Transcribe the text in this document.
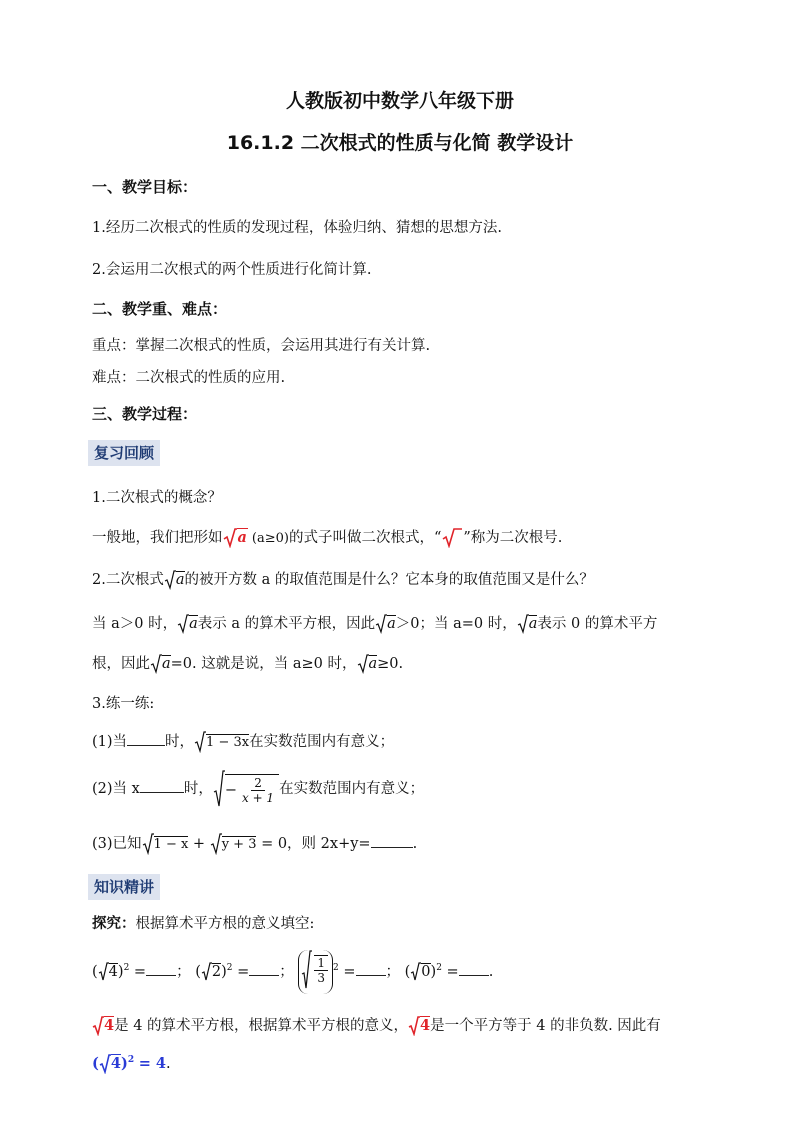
人教版初中数学八年级下册
16.1.2 二次根式的性质与化简 教学设计
一、教学目标：
1.经历二次根式的性质的发现过程，体验归纳、猜想的思想方法.
2.会运用二次根式的两个性质进行化简计算.
二、教学重、难点：
重点：掌握二次根式的性质，会运用其进行有关计算.
难点：二次根式的性质的应用.
三、教学过程：
复习回顾
1.二次根式的概念？
一般地，我们把形如 a (a≥0)的式子叫做二次根式，“ ”称为二次根号.
2.二次根式 a的被开方数 a 的取值范围是什么？它本身的取值范围又是什么？
当 a＞0 时， a表示 a 的算术平方根，因此 a＞0；当 a=0 时， a表示 0 的算术平方
根，因此 a=0. 这就是说，当 a≥0 时， a≥0.
3.练一练:
(1)当	时， 1 − 3x在实数范围内有意义；
(2)当 x	时， − $\frac{2}{x + 1}$ 在实数范围内有意义；
(3)已知 1 − x + y + 3 = 0，则 2x+y=	.
知识精讲
探究：根据算术平方根的意义填空:
( 4)$^2$ = ； ( 2)$^2$ = ； $\frac{1}{3} ^2$ = ； ( 0)$^2$ = .
4是 4 的算术平方根，根据算术平方根的意义， 4是一个平方等于 4 的非负数. 因此有
( 4)$^2$ = 4.
